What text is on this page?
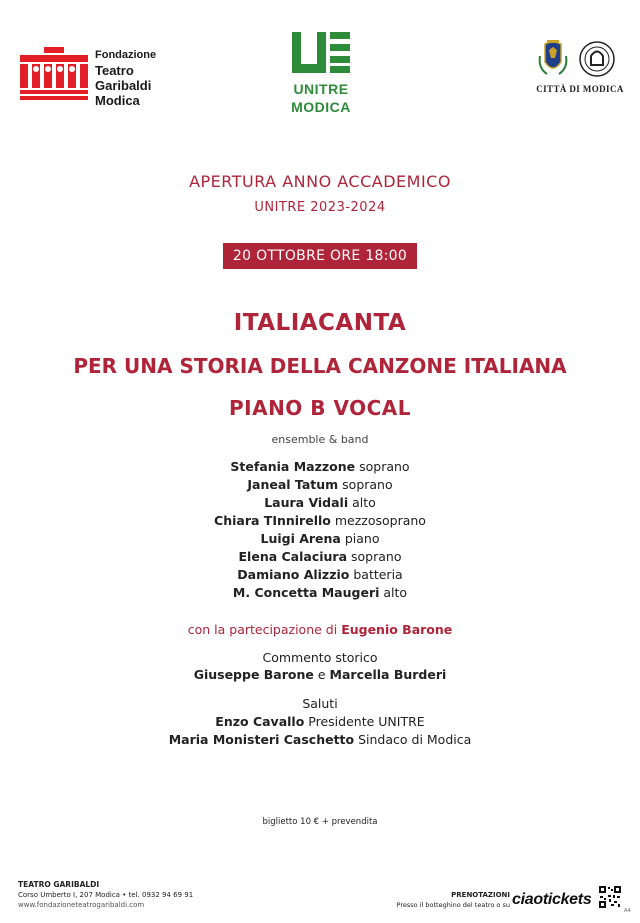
Fondazione
Teatro
Garibaldi
Modica
UNITRE
MODICA
CITTÀ DI MODICA
APERTURA ANNO ACCADEMICO
UNITRE 2023-2024
20 OTTOBRE ORE 18:00
ITALIACANTA
PER UNA STORIA DELLA CANZONE ITALIANA
PIANO B VOCAL
ensemble & band
Stefania Mazzone soprano
Janeal Tatum soprano
Laura Vidali alto
Chiara TInnirello mezzosoprano
Luigi Arena piano
Elena Calaciura soprano
Damiano Alizzio batteria
M. Concetta Maugeri alto
con la partecipazione di Eugenio Barone
Commento storico
Giuseppe Barone e Marcella Burderi
Saluti
Enzo Cavallo Presidente UNITRE
Maria Monisteri Caschetto Sindaco di Modica
biglietto 10 € + prevendita
TEATRO GARIBALDI
Corso Umberto I, 207 Modica • tel. 0932 94 69 91
www.fondazioneteatrogaribaldi.com
PRENOTAZIONI
Presso il botteghino del teatro o su ciaotickets
A4
